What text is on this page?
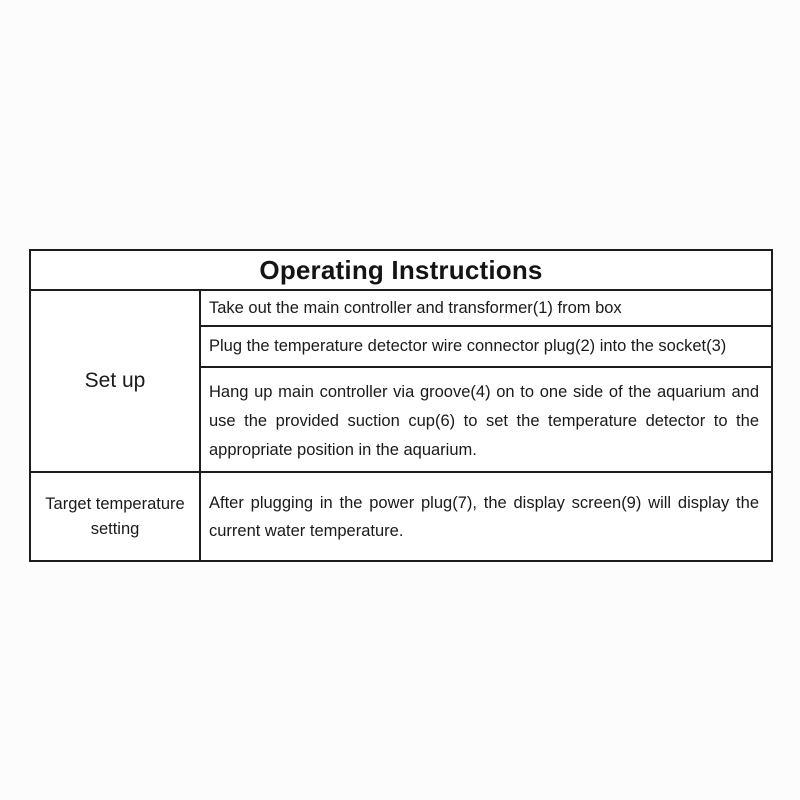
Operating Instructions
Set up
Target temperature setting
Take out the main controller and transformer(1) from box
Plug the temperature detector wire connector plug(2) into the socket(3)
Hang up main controller via groove(4) on to one side of the aquarium and use the provided suction cup(6) to set the temperature detector to the appropriate position in the aquarium.
After plugging in the power plug(7), the display screen(9) will display the current water temperature.
